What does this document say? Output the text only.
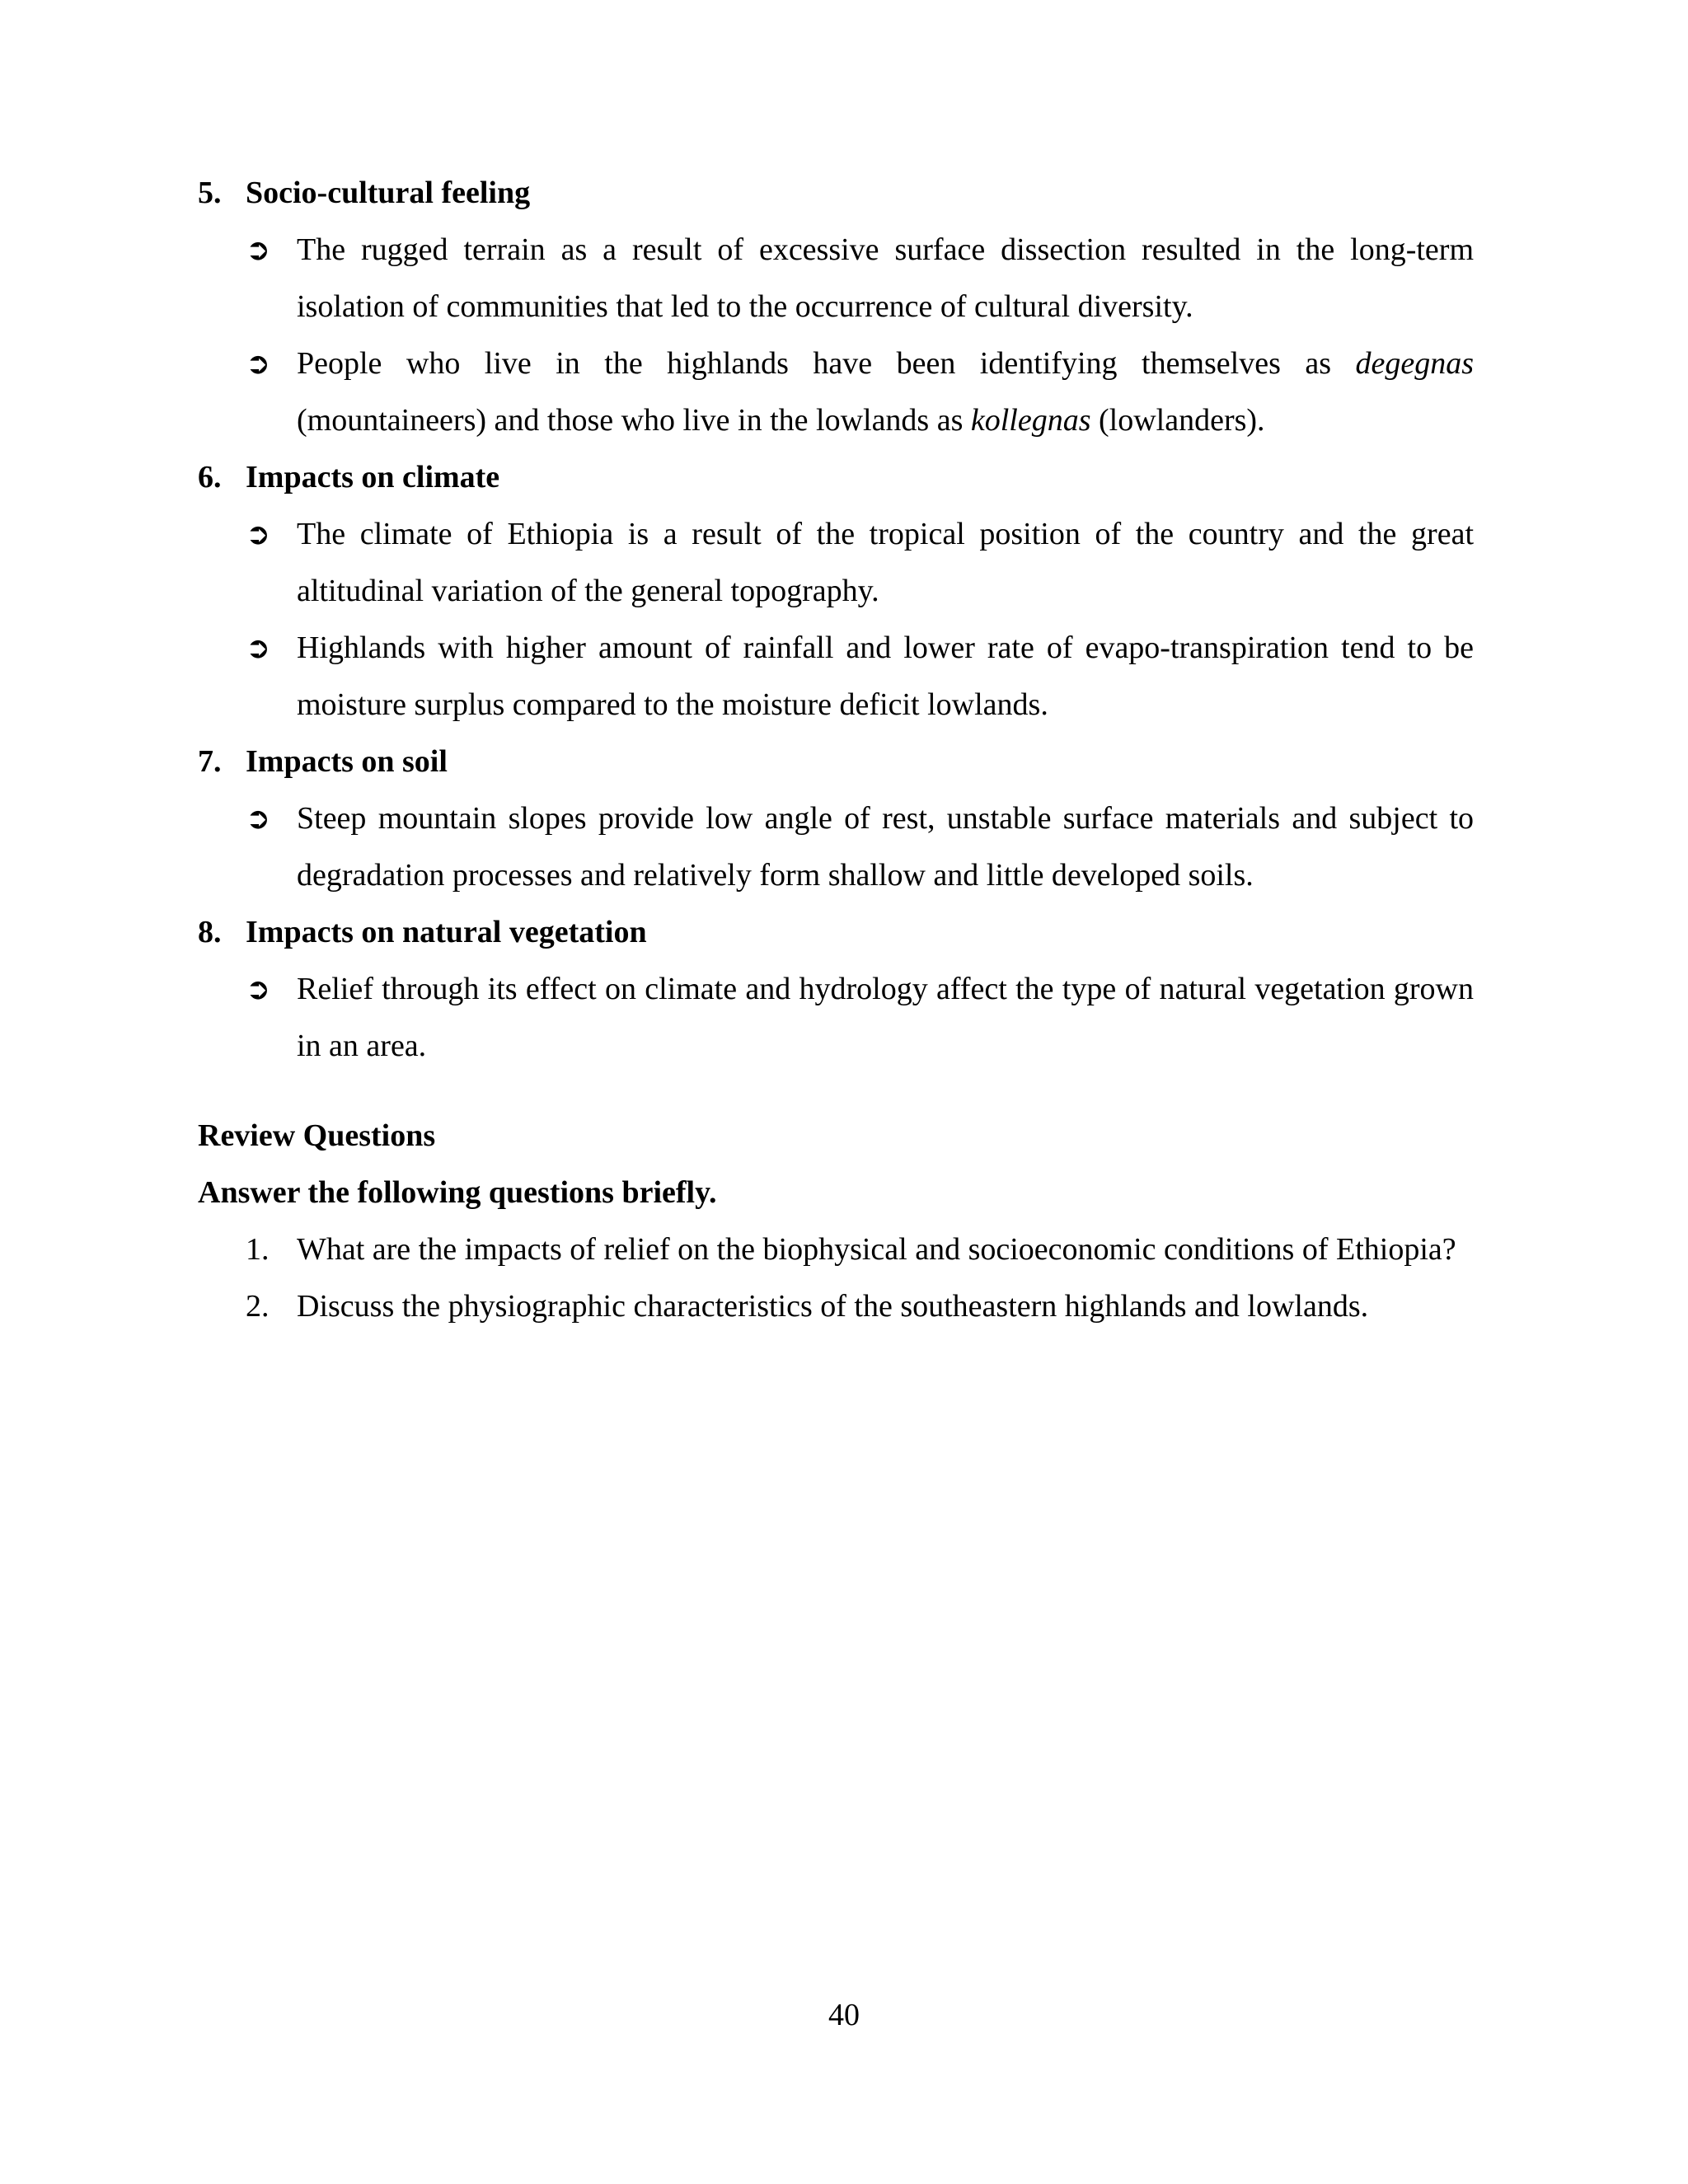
5. Socio-cultural feeling
➲ The rugged terrain as a result of excessive surface dissection resulted in the long-term isolation of communities that led to the occurrence of cultural diversity.
➲ People who live in the highlands have been identifying themselves as degegnas (mountaineers) and those who live in the lowlands as kollegnas (lowlanders).
6. Impacts on climate
➲ The climate of Ethiopia is a result of the tropical position of the country and the great altitudinal variation of the general topography.
➲ Highlands with higher amount of rainfall and lower rate of evapo-transpiration tend to be moisture surplus compared to the moisture deficit lowlands.
7. Impacts on soil
➲ Steep mountain slopes provide low angle of rest, unstable surface materials and subject to degradation processes and relatively form shallow and little developed soils.
8. Impacts on natural vegetation
➲ Relief through its effect on climate and hydrology affect the type of natural vegetation grown in an area.
Review Questions
Answer the following questions briefly.
1. What are the impacts of relief on the biophysical and socioeconomic conditions of Ethiopia?
2. Discuss the physiographic characteristics of the southeastern highlands and lowlands.
40
